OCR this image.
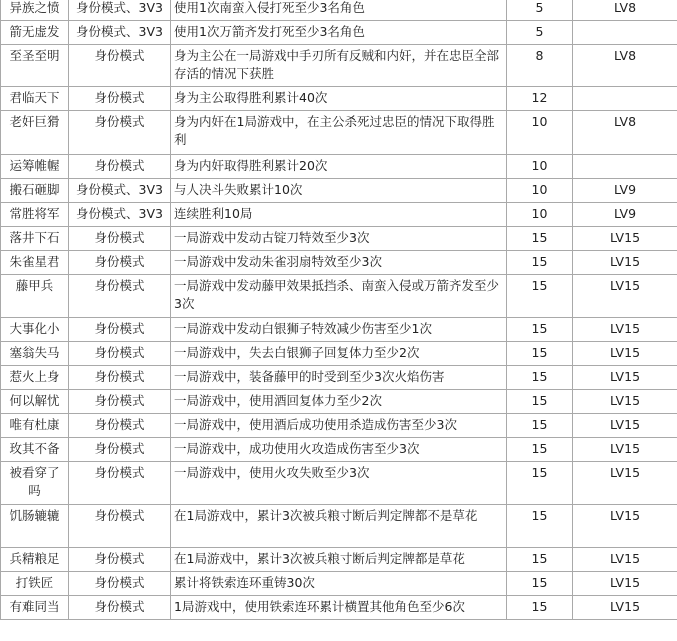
异族之愤	身份模式、3V3	使用1次南蛮入侵打死至少3名角色	5	LV8
箭无虚发	身份模式、3V3	使用1次万箭齐发打死至少3名角色	5	
至圣至明	身份模式	身为主公在一局游戏中手刃所有反贼和内奸，并在忠臣全部存活的情况下获胜	8	LV8
君临天下	身份模式	身为主公取得胜利累计40次	12	
老奸巨猾	身份模式	身为内奸在1局游戏中，在主公杀死过忠臣的情况下取得胜利	10	LV8
运筹帷幄	身份模式	身为内奸取得胜利累计20次	10	
搬石砸脚	身份模式、3V3	与人决斗失败累计10次	10	LV9
常胜将军	身份模式、3V3	连续胜利10局	10	LV9
落井下石	身份模式	一局游戏中发动古锭刀特效至少3次	15	LV15
朱雀星君	身份模式	一局游戏中发动朱雀羽扇特效至少3次	15	LV15
藤甲兵	身份模式	一局游戏中发动藤甲效果抵挡杀、南蛮入侵或万箭齐发至少3次	15	LV15
大事化小	身份模式	一局游戏中发动白银狮子特效减少伤害至少1次	15	LV15
塞翁失马	身份模式	一局游戏中，失去白银狮子回复体力至少2次	15	LV15
惹火上身	身份模式	一局游戏中，装备藤甲的时受到至少3次火焰伤害	15	LV15
何以解忧	身份模式	一局游戏中，使用酒回复体力至少2次	15	LV15
唯有杜康	身份模式	一局游戏中，使用酒后成功使用杀造成伤害至少3次	15	LV15
玫其不备	身份模式	一局游戏中，成功使用火攻造成伤害至少3次	15	LV15
被看穿了吗	身份模式	一局游戏中，使用火攻失败至少3次	15	LV15
饥肠辘辘	身份模式	在1局游戏中，累计3次被兵粮寸断后判定牌都不是草花	15	LV15
兵精粮足	身份模式	在1局游戏中，累计3次被兵粮寸断后判定牌都是草花	15	LV15
打铁匠	身份模式	累计将铁索连环重铸30次	15	LV15
有难同当	身份模式	1局游戏中，使用铁索连环累计横置其他角色至少6次	15	LV15
